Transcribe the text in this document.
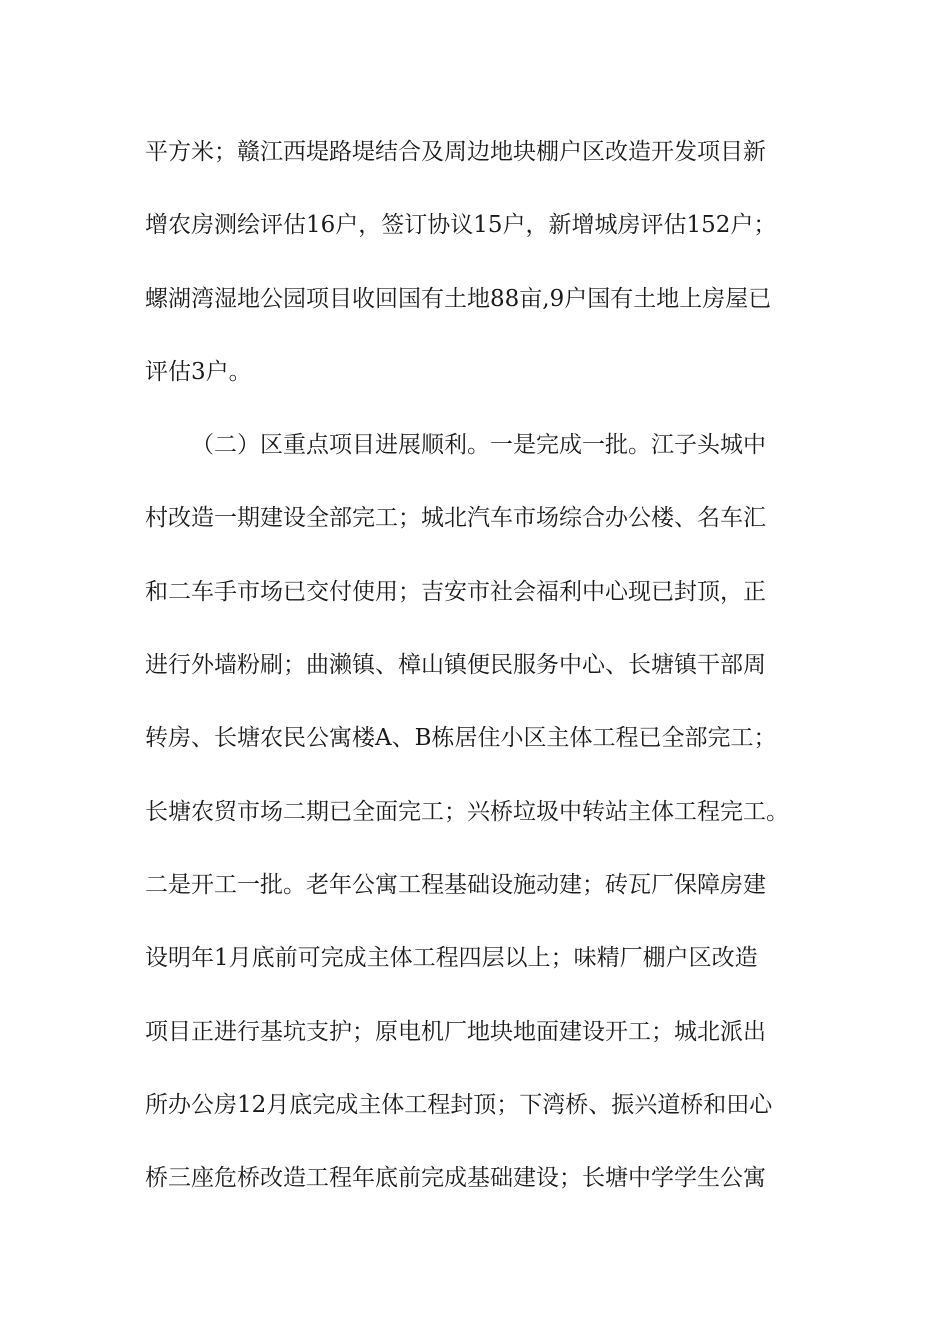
平方米；赣江西堤路堤结合及周边地块棚户区改造开发项目新
增农房测绘评估16户，签订协议15户，新增城房评估152户；
螺湖湾湿地公园项目收回国有土地88亩,9户国有土地上房屋已
评估3户。
（二）区重点项目进展顺利。一是完成一批。江子头城中
村改造一期建设全部完工；城北汽车市场综合办公楼、名车汇
和二车手市场已交付使用；吉安市社会福利中心现已封顶，正
进行外墙粉刷；曲濑镇、樟山镇便民服务中心、长塘镇干部周
转房、长塘农民公寓楼A、B栋居住小区主体工程已全部完工；
长塘农贸市场二期已全面完工；兴桥垃圾中转站主体工程完工。
二是开工一批。老年公寓工程基础设施动建；砖瓦厂保障房建
设明年1月底前可完成主体工程四层以上；味精厂棚户区改造
项目正进行基坑支护；原电机厂地块地面建设开工；城北派出
所办公房12月底完成主体工程封顶；下湾桥、振兴道桥和田心
桥三座危桥改造工程年底前完成基础建设；长塘中学学生公寓
